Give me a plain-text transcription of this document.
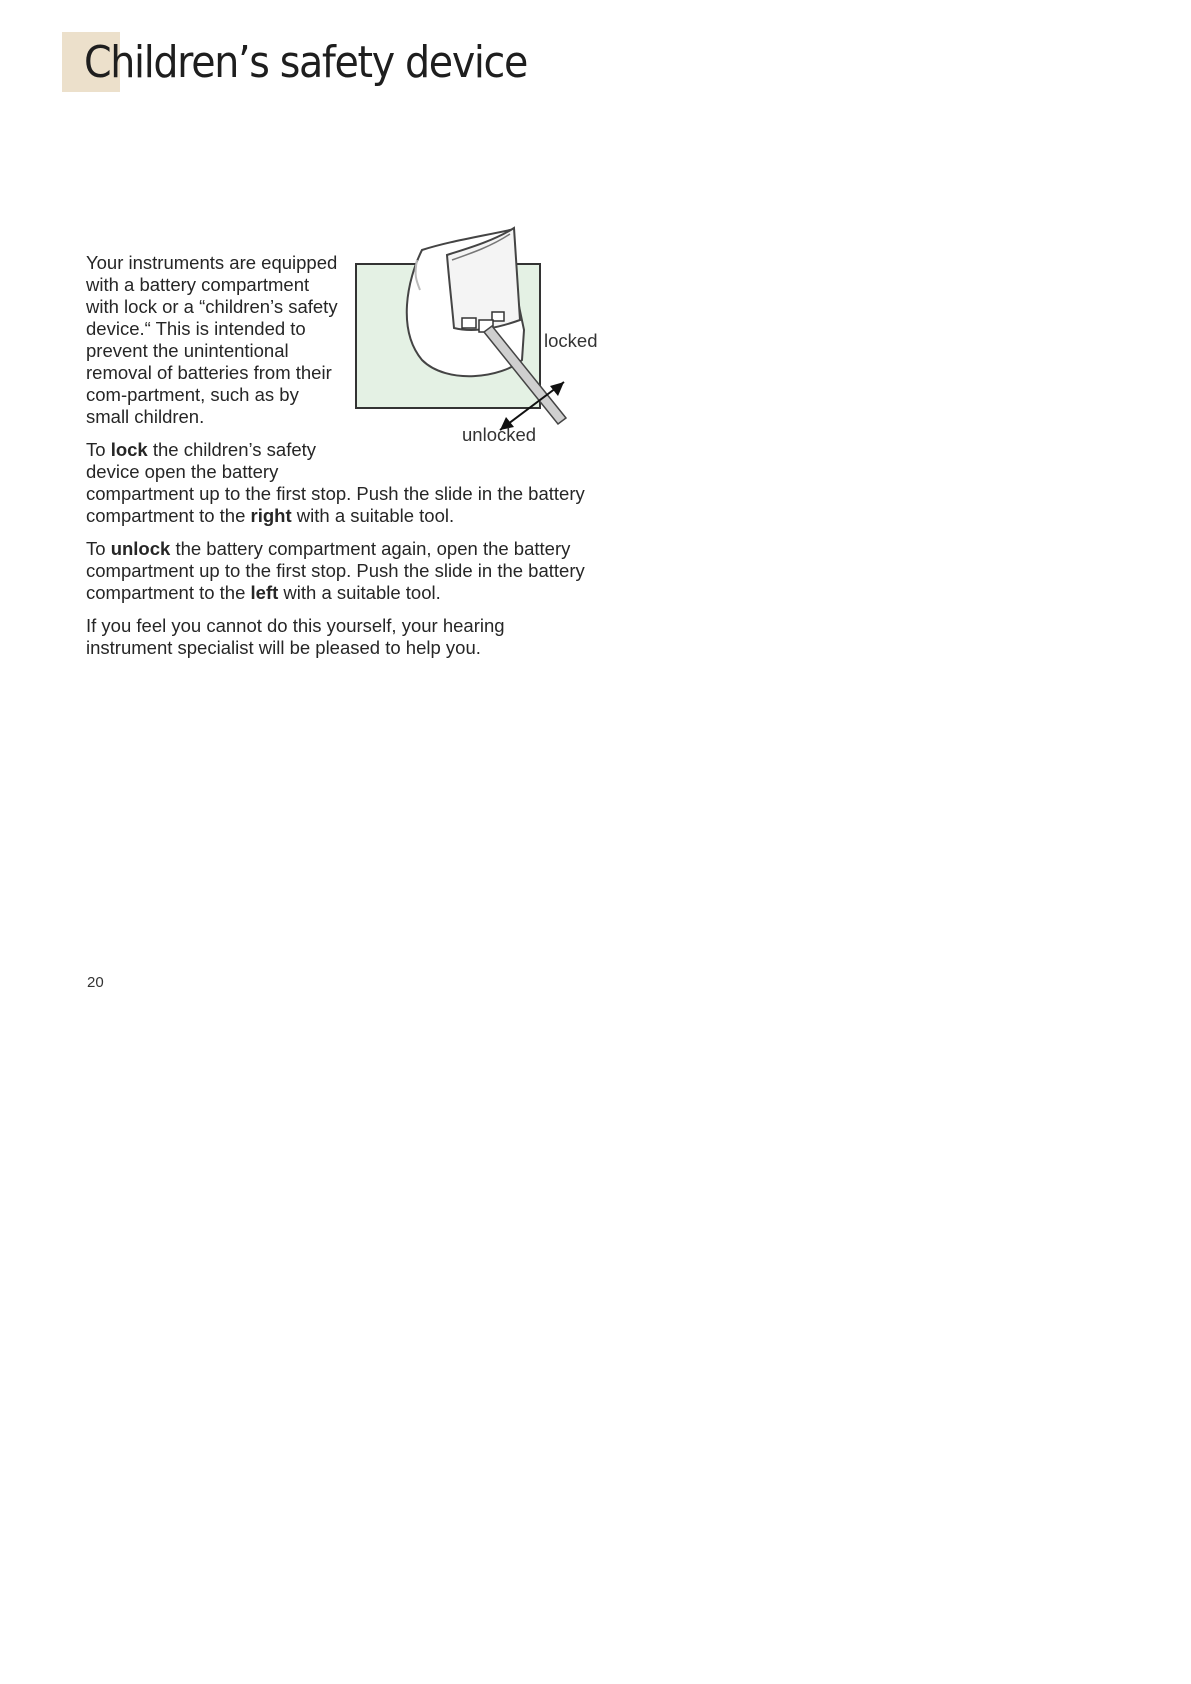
Children’s safety device
locked
unlocked

Your instruments are equipped with a battery compartment with lock or a “children’s safety device.“ This is intended to prevent the unintentional removal of batteries from their com-partment, such as by small children.

To lock the children’s safety device open the battery compartment up to the first stop. Push the slide in the battery compartment to the right with a suitable tool.

To unlock the battery compartment again, open the battery compartment up to the first stop. Push the slide in the battery compartment to the left with a suitable tool.

If you feel you cannot do this yourself, your hearing instrument specialist will be pleased to help you.

20
